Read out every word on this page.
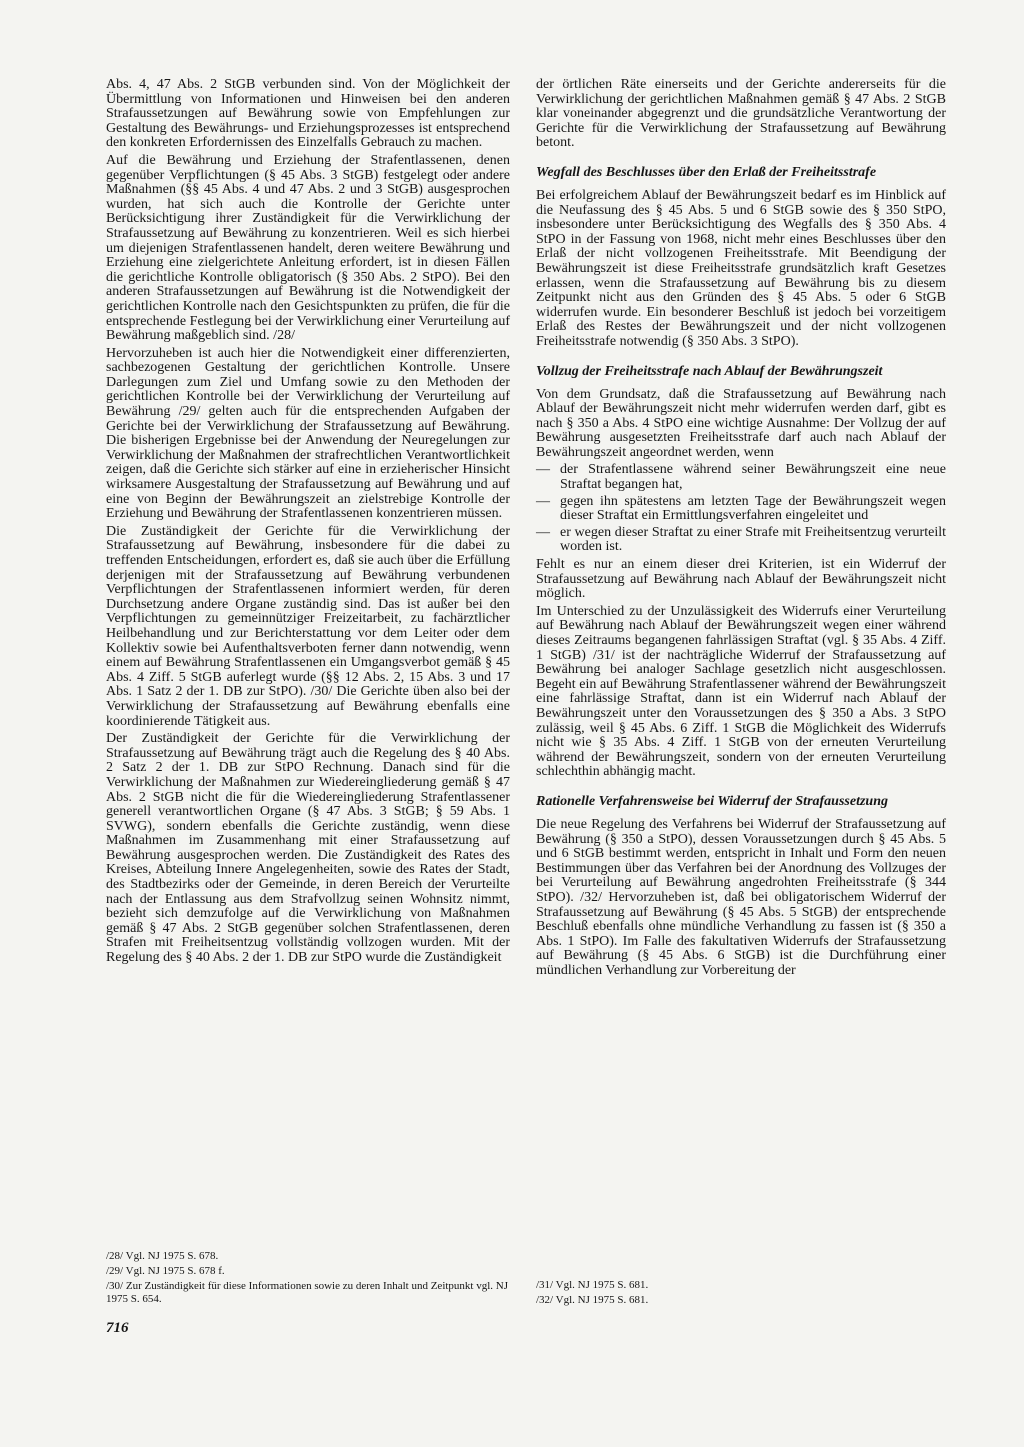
Abs. 4, 47 Abs. 2 StGB verbunden sind. Von der Möglichkeit der Übermittlung von Informationen und Hinweisen bei den anderen Strafaussetzungen auf Bewährung sowie von Empfehlungen zur Gestaltung des Bewährungs- und Erziehungsprozesses ist entsprechend den konkreten Erfordernissen des Einzelfalls Gebrauch zu machen.

Auf die Bewährung und Erziehung der Strafentlassenen, denen gegenüber Verpflichtungen (§ 45 Abs. 3 StGB) festgelegt oder andere Maßnahmen (§§ 45 Abs. 4 und 47 Abs. 2 und 3 StGB) ausgesprochen wurden, hat sich auch die Kontrolle der Gerichte unter Berücksichtigung ihrer Zuständigkeit für die Verwirklichung der Strafaussetzung auf Bewährung zu konzentrieren. Weil es sich hierbei um diejenigen Strafentlassenen handelt, deren weitere Bewährung und Erziehung eine zielgerichtete Anleitung erfordert, ist in diesen Fällen die gerichtliche Kontrolle obligatorisch (§ 350 Abs. 2 StPO). Bei den anderen Strafaussetzungen auf Bewährung ist die Notwendigkeit der gerichtlichen Kontrolle nach den Gesichtspunkten zu prüfen, die für die entsprechende Festlegung bei der Verwirklichung einer Verurteilung auf Bewährung maßgeblich sind. /28/

Hervorzuheben ist auch hier die Notwendigkeit einer differenzierten, sachbezogenen Gestaltung der gerichtlichen Kontrolle. Unsere Darlegungen zum Ziel und Umfang sowie zu den Methoden der gerichtlichen Kontrolle bei der Verwirklichung der Verurteilung auf Bewährung /29/ gelten auch für die entsprechenden Aufgaben der Gerichte bei der Verwirklichung der Strafaussetzung auf Bewährung. Die bisherigen Ergebnisse bei der Anwendung der Neuregelungen zur Verwirklichung der Maßnahmen der strafrechtlichen Verantwortlichkeit zeigen, daß die Gerichte sich stärker auf eine in erzieherischer Hinsicht wirksamere Ausgestaltung der Strafaussetzung auf Bewährung und auf eine von Beginn der Bewährungszeit an zielstrebige Kontrolle der Erziehung und Bewährung der Strafentlassenen konzentrieren müssen.

Die Zuständigkeit der Gerichte für die Verwirklichung der Strafaussetzung auf Bewährung, insbesondere für die dabei zu treffenden Entscheidungen, erfordert es, daß sie auch über die Erfüllung derjenigen mit der Strafaussetzung auf Bewährung verbundenen Verpflichtungen der Strafentlassenen informiert werden, für deren Durchsetzung andere Organe zuständig sind. Das ist außer bei den Verpflichtungen zu gemeinnütziger Freizeitarbeit, zu fachärztlicher Heilbehandlung und zur Berichterstattung vor dem Leiter oder dem Kollektiv sowie bei Aufenthaltsverboten ferner dann notwendig, wenn einem auf Bewährung Strafentlassenen ein Umgangsverbot gemäß § 45 Abs. 4 Ziff. 5 StGB auferlegt wurde (§§ 12 Abs. 2, 15 Abs. 3 und 17 Abs. 1 Satz 2 der 1. DB zur StPO). /30/ Die Gerichte üben also bei der Verwirklichung der Strafaussetzung auf Bewährung ebenfalls eine koordinierende Tätigkeit aus.

Der Zuständigkeit der Gerichte für die Verwirklichung der Strafaussetzung auf Bewährung trägt auch die Regelung des § 40 Abs. 2 Satz 2 der 1. DB zur StPO Rechnung. Danach sind für die Verwirklichung der Maßnahmen zur Wiedereingliederung gemäß § 47 Abs. 2 StGB nicht die für die Wiedereingliederung Strafentlassener generell verantwortlichen Organe (§ 47 Abs. 3 StGB; § 59 Abs. 1 SVWG), sondern ebenfalls die Gerichte zuständig, wenn diese Maßnahmen im Zusammenhang mit einer Strafaussetzung auf Bewährung ausgesprochen werden. Die Zuständigkeit des Rates des Kreises, Abteilung Innere Angelegenheiten, sowie des Rates der Stadt, des Stadtbezirks oder der Gemeinde, in deren Bereich der Verurteilte nach der Entlassung aus dem Strafvollzug seinen Wohnsitz nimmt, bezieht sich demzufolge auf die Verwirklichung von Maßnahmen gemäß § 47 Abs. 2 StGB gegenüber solchen Strafentlassenen, deren Strafen mit Freiheitsentzug vollständig vollzogen wurden. Mit der Regelung des § 40 Abs. 2 der 1. DB zur StPO wurde die Zuständigkeit

/28/ Vgl. NJ 1975 S. 678.

/29/ Vgl. NJ 1975 S. 678 f.

/30/ Zur Zuständigkeit für diese Informationen sowie zu deren Inhalt und Zeitpunkt vgl. NJ 1975 S. 654.

der örtlichen Räte einerseits und der Gerichte andererseits für die Verwirklichung der gerichtlichen Maßnahmen gemäß § 47 Abs. 2 StGB klar voneinander abgegrenzt und die grundsätzliche Verantwortung der Gerichte für die Verwirklichung der Strafaussetzung auf Bewährung betont.

Wegfall des Beschlusses über den Erlaß der Freiheitsstrafe

Bei erfolgreichem Ablauf der Bewährungszeit bedarf es im Hinblick auf die Neufassung des § 45 Abs. 5 und 6 StGB sowie des § 350 StPO, insbesondere unter Berücksichtigung des Wegfalls des § 350 Abs. 4 StPO in der Fassung von 1968, nicht mehr eines Beschlusses über den Erlaß der nicht vollzogenen Freiheitsstrafe. Mit Beendigung der Bewährungszeit ist diese Freiheitsstrafe grundsätzlich kraft Gesetzes erlassen, wenn die Strafaussetzung auf Bewährung bis zu diesem Zeitpunkt nicht aus den Gründen des § 45 Abs. 5 oder 6 StGB widerrufen wurde. Ein besonderer Beschluß ist jedoch bei vorzeitigem Erlaß des Restes der Bewährungszeit und der nicht vollzogenen Freiheitsstrafe notwendig (§ 350 Abs. 3 StPO).

Vollzug der Freiheitsstrafe nach Ablauf der Bewährungszeit

Von dem Grundsatz, daß die Strafaussetzung auf Bewährung nach Ablauf der Bewährungszeit nicht mehr widerrufen werden darf, gibt es nach § 350 a Abs. 4 StPO eine wichtige Ausnahme: Der Vollzug der auf Bewährung ausgesetzten Freiheitsstrafe darf auch nach Ablauf der Bewährungszeit angeordnet werden, wenn

— der Strafentlassene während seiner Bewährungszeit eine neue Straftat begangen hat,
— gegen ihn spätestens am letzten Tage der Bewährungszeit wegen dieser Straftat ein Ermittlungsverfahren eingeleitet und
— er wegen dieser Straftat zu einer Strafe mit Freiheitsentzug verurteilt worden ist.

Fehlt es nur an einem dieser drei Kriterien, ist ein Widerruf der Strafaussetzung auf Bewährung nach Ablauf der Bewährungszeit nicht möglich.

Im Unterschied zu der Unzulässigkeit des Widerrufs einer Verurteilung auf Bewährung nach Ablauf der Bewährungszeit wegen einer während dieses Zeitraums begangenen fahrlässigen Straftat (vgl. § 35 Abs. 4 Ziff. 1 StGB) /31/ ist der nachträgliche Widerruf der Strafaussetzung auf Bewährung bei analoger Sachlage gesetzlich nicht ausgeschlossen. Begeht ein auf Bewährung Strafentlassener während der Bewährungszeit eine fahrlässige Straftat, dann ist ein Widerruf nach Ablauf der Bewährungszeit unter den Voraussetzungen des § 350 a Abs. 3 StPO zulässig, weil § 45 Abs. 6 Ziff. 1 StGB die Möglichkeit des Widerrufs nicht wie § 35 Abs. 4 Ziff. 1 StGB von der erneuten Verurteilung während der Bewährungszeit, sondern von der erneuten Verurteilung schlechthin abhängig macht.

Rationelle Verfahrensweise bei Widerruf der Strafaussetzung

Die neue Regelung des Verfahrens bei Widerruf der Strafaussetzung auf Bewährung (§ 350 a StPO), dessen Voraussetzungen durch § 45 Abs. 5 und 6 StGB bestimmt werden, entspricht in Inhalt und Form den neuen Bestimmungen über das Verfahren bei der Anordnung des Vollzuges der bei Verurteilung auf Bewährung angedrohten Freiheitsstrafe (§ 344 StPO). /32/ Hervorzuheben ist, daß bei obligatorischem Widerruf der Strafaussetzung auf Bewährung (§ 45 Abs. 5 StGB) der entsprechende Beschluß ebenfalls ohne mündliche Verhandlung zu fassen ist (§ 350 a Abs. 1 StPO). Im Falle des fakultativen Widerrufs der Strafaussetzung auf Bewährung (§ 45 Abs. 6 StGB) ist die Durchführung einer mündlichen Verhandlung zur Vorbereitung der

/31/ Vgl. NJ 1975 S. 681.

/32/ Vgl. NJ 1975 S. 681.

716
